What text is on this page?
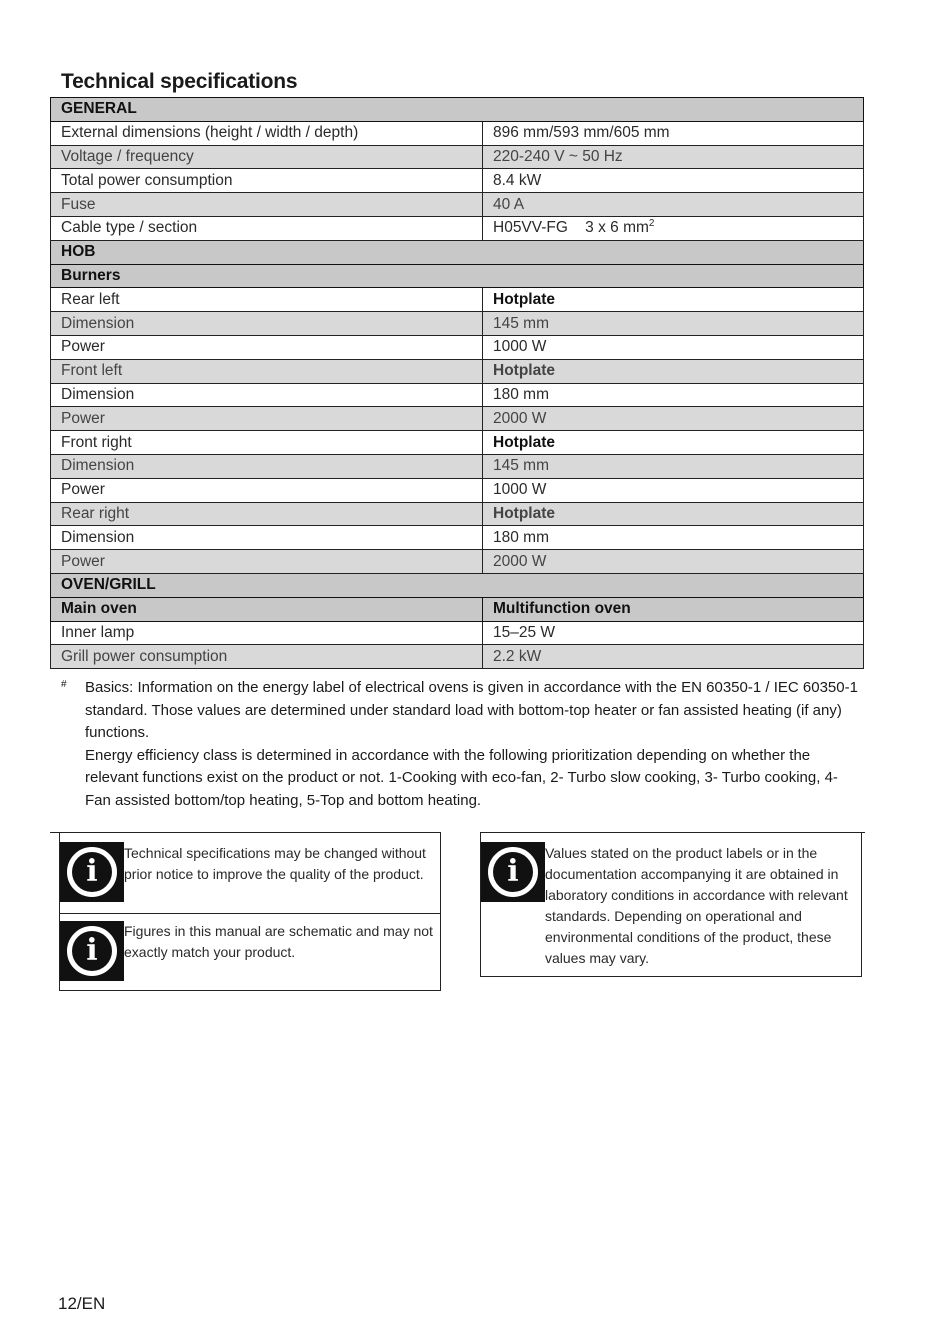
Technical specifications
GENERAL	
External dimensions (height / width / depth)	896 mm/593 mm/605 mm
Voltage / frequency	220-240 V ~ 50 Hz
Total power consumption	8.4 kW
Fuse	40 A
Cable type / section	H05VV-FG    3 x 6 $mm^2$
HOB	
Burners	
Rear left	Hotplate
Dimension	145 mm
Power	1000 W
Front left	Hotplate
Dimension	180 mm
Power	2000 W
Front right	Hotplate
Dimension	145 mm
Power	1000 W
Rear right	Hotplate
Dimension	180 mm
Power	2000 W
OVEN/GRILL	
Main oven	Multifunction oven
Inner lamp	15–25 W
Grill power consumption	2.2 kW
# Basics: Information on the energy label of electrical ovens is given in accordance with the EN 60350-1 / IEC 60350-1 standard. Those values are determined under standard load with bottom-top heater or fan assisted heating (if any) functions.

Energy efficiency class is determined in accordance with the following prioritization depending on whether the relevant functions exist on the product or not. 1-Cooking with eco-fan, 2- Turbo slow cooking, 3- Turbo cooking, 4- Fan assisted bottom/top heating, 5-Top and bottom heating.

i
Technical specifications may be changed without prior notice to improve the quality of the product.
i
Figures in this manual are schematic and may not exactly match your product.
i
Values stated on the product labels or in the documentation accompanying it are obtained in laboratory conditions in accordance with relevant standards. Depending on operational and environmental conditions of the product, these values may vary.
12/EN
